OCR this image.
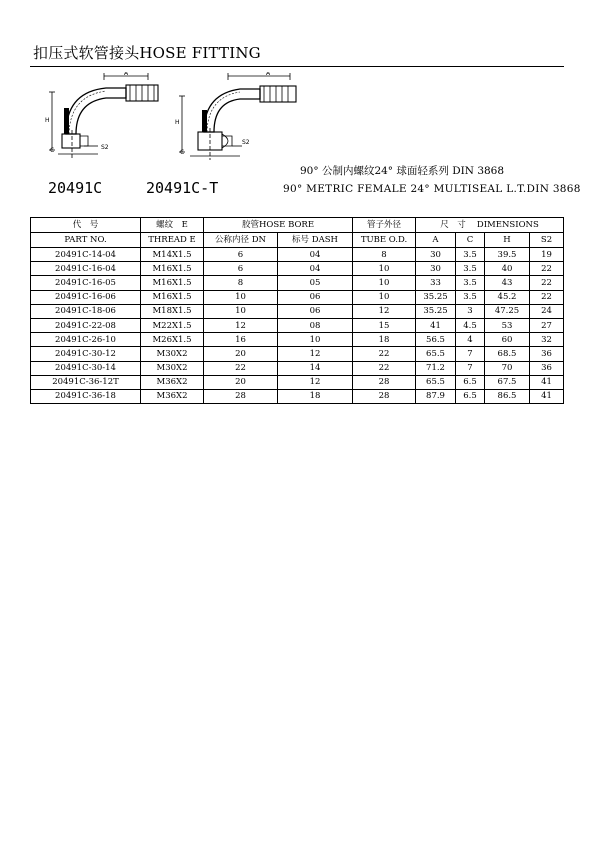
扣压式软管接头HOSE FITTING
A
H
C	S2
A
H
C
S2
90° 公制内螺纹24° 球面轻系列 DIN 3868
20491C	20491C-T	90° METRIC FEMALE 24° MULTISEAL L.T.DIN 3868
代　号	螺纹　E	胶管HOSE BORE		管子外径	尺　寸　 DIMENSIONS			
PART NO.	THREAD E	公称内径 DN	标号 DASH	TUBE O.D.	A	C	H	S2
20491C-14-04	M14X1.5	6	04	8	30	3.5	39.5	19
20491C-16-04	M16X1.5	6	04	10	30	3.5	40	22
20491C-16-05	M16X1.5	8	05	10	33	3.5	43	22
20491C-16-06	M16X1.5	10	06	10	35.25	3.5	45.2	22
20491C-18-06	M18X1.5	10	06	12	35.25	3	47.25	24
20491C-22-08	M22X1.5	12	08	15	41	4.5	53	27
20491C-26-10	M26X1.5	16	10	18	56.5	4	60	32
20491C-30-12	M30X2	20	12	22	65.5	7	68.5	36
20491C-30-14	M30X2	22	14	22	71.2	7	70	36
20491C-36-12T	M36X2	20	12	28	65.5	6.5	67.5	41
20491C-36-18	M36X2	28	18	28	87.9	6.5	86.5	41
